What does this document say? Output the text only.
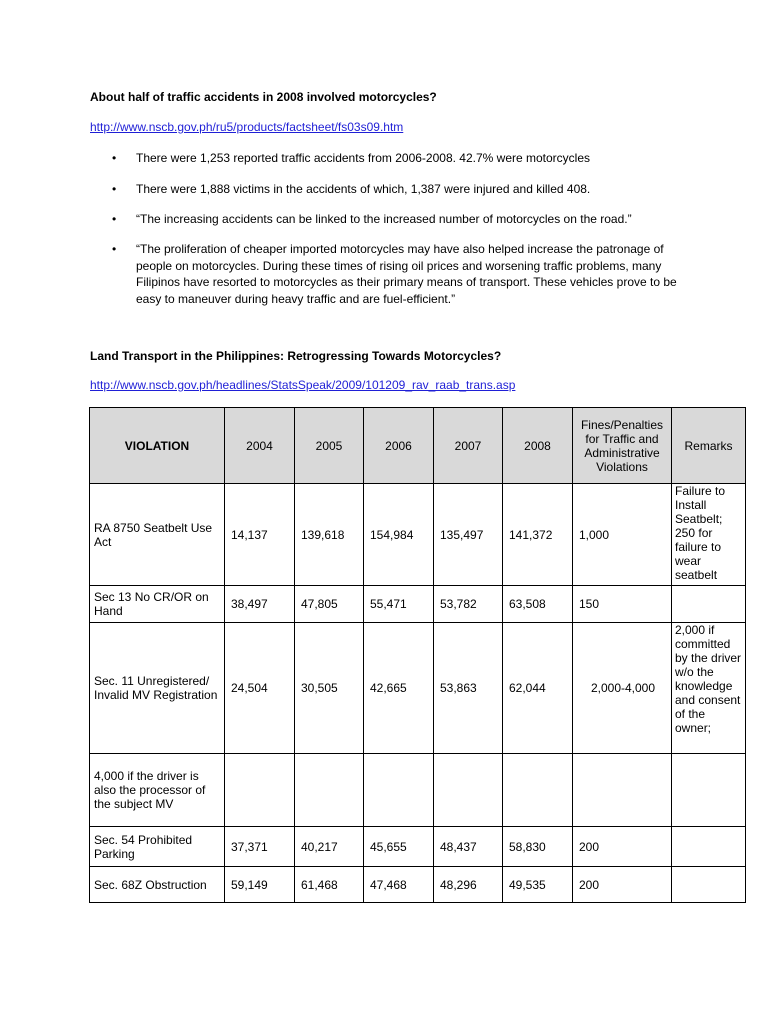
About half of traffic accidents in 2008 involved motorcycles?
http://www.nscb.gov.ph/ru5/products/factsheet/fs03s09.htm
• There were 1,253 reported traffic accidents from 2006-2008. 42.7% were motorcycles
• There were 1,888 victims in the accidents of which, 1,387 were injured and killed 408.
• “The increasing accidents can be linked to the increased number of motorcycles on the road.”
• “The proliferation of cheaper imported motorcycles may have also helped increase the patronage of people on motorcycles. During these times of rising oil prices and worsening traffic problems, many Filipinos have resorted to motorcycles as their primary means of transport. These vehicles prove to be easy to maneuver during heavy traffic and are fuel-efficient.”
Land Transport in the Philippines: Retrogressing Towards Motorcycles?
http://www.nscb.gov.ph/headlines/StatsSpeak/2009/101209_rav_raab_trans.asp
VIOLATION	2004	2005	2006	2007	2008	Fines/Penalties for Traffic and Administrative Violations	Remarks
RA 8750 Seatbelt Use Act	14,137	139,618	154,984	135,497	141,372	1,000	Failure to Install Seatbelt; 250 for failure to wear seatbelt
Sec 13 No CR/OR on Hand	38,497	47,805	55,471	53,782	63,508	150	
Sec. 11 Unregistered/ Invalid MV Registration	24,504	30,505	42,665	53,863	62,044	2,000-4,000	2,000 if committed by the driver w/o the knowledge and consent of the owner;
4,000 if the driver is also the processor of the subject MV							
Sec. 54 Prohibited Parking	37,371	40,217	45,655	48,437	58,830	200	
Sec. 68Z Obstruction	59,149	61,468	47,468	48,296	49,535	200	
